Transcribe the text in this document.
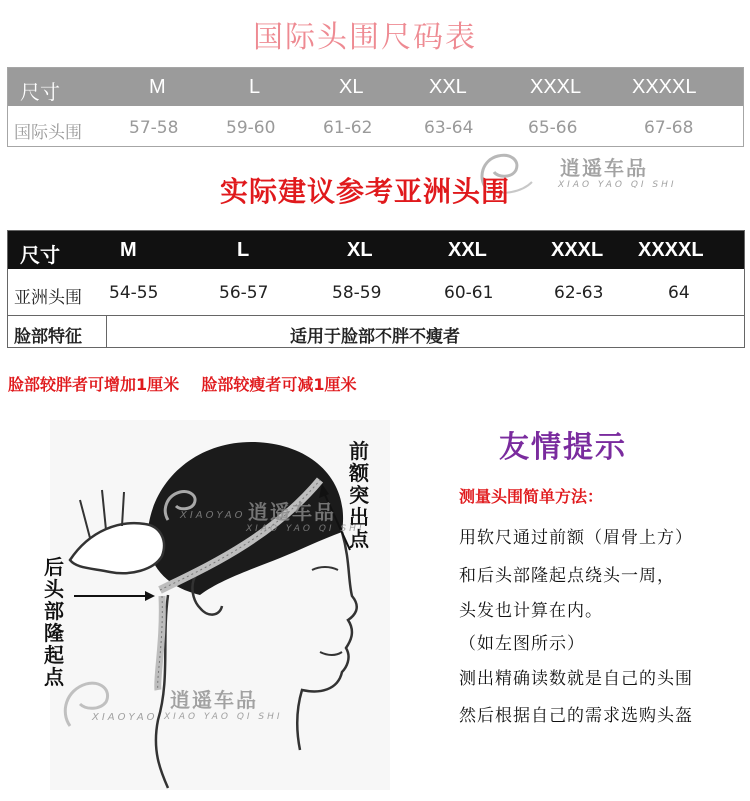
国际头围尺码表
尺寸	M	L	XL	XXL	XXXL	XXXXL
国际头围	57-58	59-60	61-62	63-64	65-66	67-68
逍遥车品
XIAO YAO QI SHI
实际建议参考亚洲头围
尺寸	M	L	XL	XXL	XXXL XXXXL
亚洲头围 54-55	56-57	58-59	60-61	62-63	64
脸部特征	适用于脸部不胖不瘦者
脸部较胖者可增加1厘米    脸部较瘦者可减1厘米
前额突出点
后头部隆起点
XIAOYAO 逍遥车品
XIAO YAO QI SHI
XIAOYAO
逍遥车品
XIAO YAO QI SHI
友情提示
测量头围简单方法：
用软尺通过前额（眉骨上方）
和后头部隆起点绕头一周，
头发也计算在内。
（如左图所示）
测出精确读数就是自己的头围
然后根据自己的需求选购头盔
